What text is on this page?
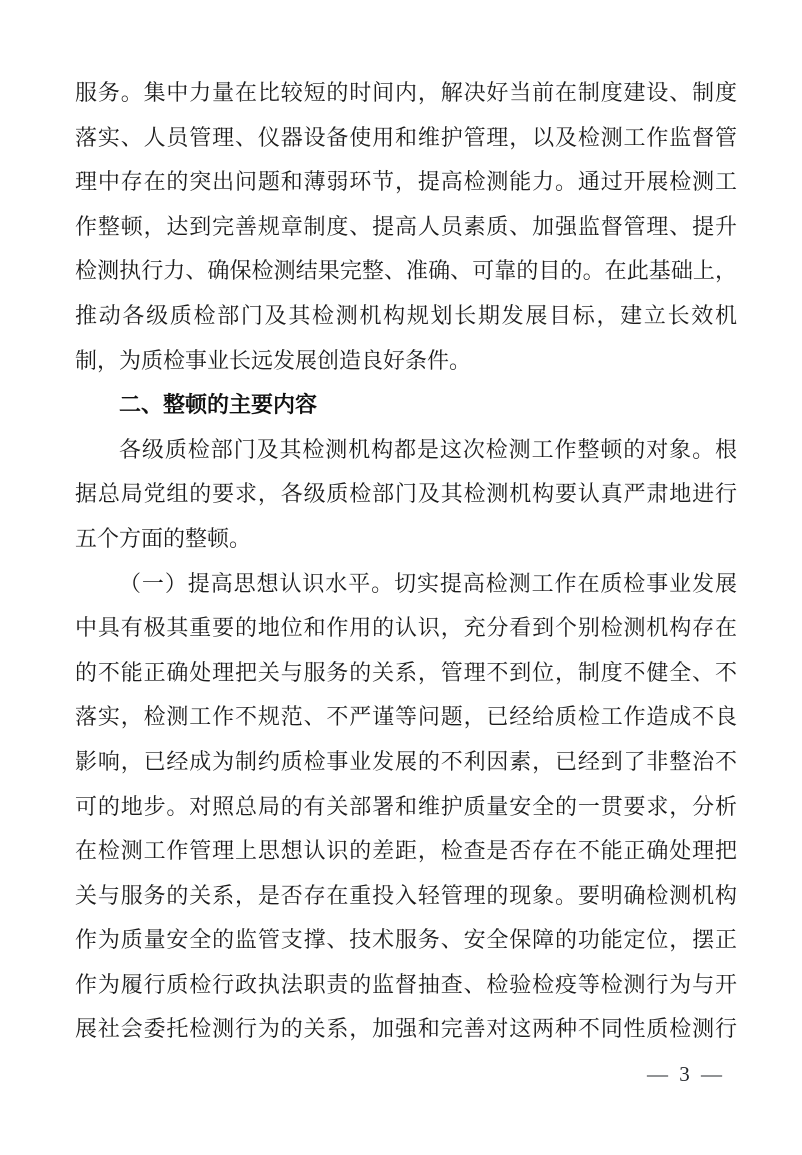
服务。集中力量在比较短的时间内，解决好当前在制度建设、制度
落实、人员管理、仪器设备使用和维护管理，以及检测工作监督管
理中存在的突出问题和薄弱环节，提高检测能力。通过开展检测工
作整顿，达到完善规章制度、提高人员素质、加强监督管理、提升
检测执行力、确保检测结果完整、准确、可靠的目的。在此基础上，
推动各级质检部门及其检测机构规划长期发展目标，建立长效机
制，为质检事业长远发展创造良好条件。
二、整顿的主要内容
各级质检部门及其检测机构都是这次检测工作整顿的对象。根
据总局党组的要求，各级质检部门及其检测机构要认真严肃地进行
五个方面的整顿。
（一）提高思想认识水平。切实提高检测工作在质检事业发展
中具有极其重要的地位和作用的认识，充分看到个别检测机构存在
的不能正确处理把关与服务的关系，管理不到位，制度不健全、不
落实，检测工作不规范、不严谨等问题，已经给质检工作造成不良
影响，已经成为制约质检事业发展的不利因素，已经到了非整治不
可的地步。对照总局的有关部署和维护质量安全的一贯要求，分析
在检测工作管理上思想认识的差距，检查是否存在不能正确处理把
关与服务的关系，是否存在重投入轻管理的现象。要明确检测机构
作为质量安全的监管支撑、技术服务、安全保障的功能定位，摆正
作为履行质检行政执法职责的监督抽查、检验检疫等检测行为与开
展社会委托检测行为的关系，加强和完善对这两种不同性质检测行
— 3 —
